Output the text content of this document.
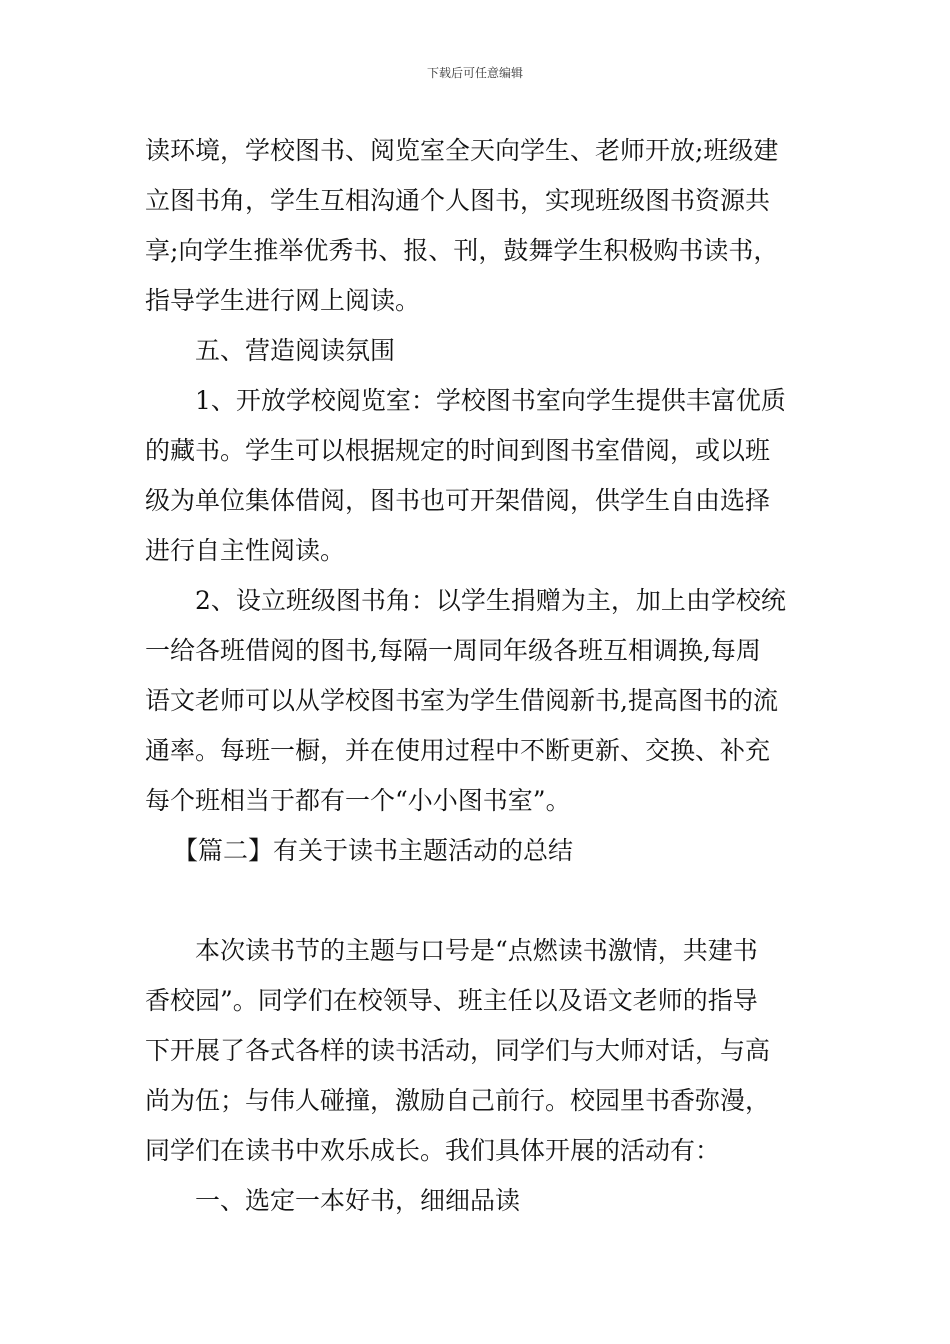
下载后可任意编辑
读环境，学校图书、阅览室全天向学生、老师开放;班级建
立图书角，学生互相沟通个人图书，实现班级图书资源共
享;向学生推举优秀书、报、刊，鼓舞学生积极购书读书，
指导学生进行网上阅读。
五、营造阅读氛围
1、开放学校阅览室：学校图书室向学生提供丰富优质
的藏书。学生可以根据规定的时间到图书室借阅，或以班
级为单位集体借阅，图书也可开架借阅，供学生自由选择
进行自主性阅读。
2、设立班级图书角：以学生捐赠为主，加上由学校统
一给各班借阅的图书,每隔一周同年级各班互相调换,每周
语文老师可以从学校图书室为学生借阅新书,提高图书的流
通率。每班一橱，并在使用过程中不断更新、交换、补充
每个班相当于都有一个“小小图书室”。
【篇二】有关于读书主题活动的总结
本次读书节的主题与口号是“点燃读书激情，共建书
香校园”。同学们在校领导、班主任以及语文老师的指导
下开展了各式各样的读书活动，同学们与大师对话，与高
尚为伍；与伟人碰撞，激励自己前行。校园里书香弥漫，
同学们在读书中欢乐成长。我们具体开展的活动有：
一、选定一本好书，细细品读
